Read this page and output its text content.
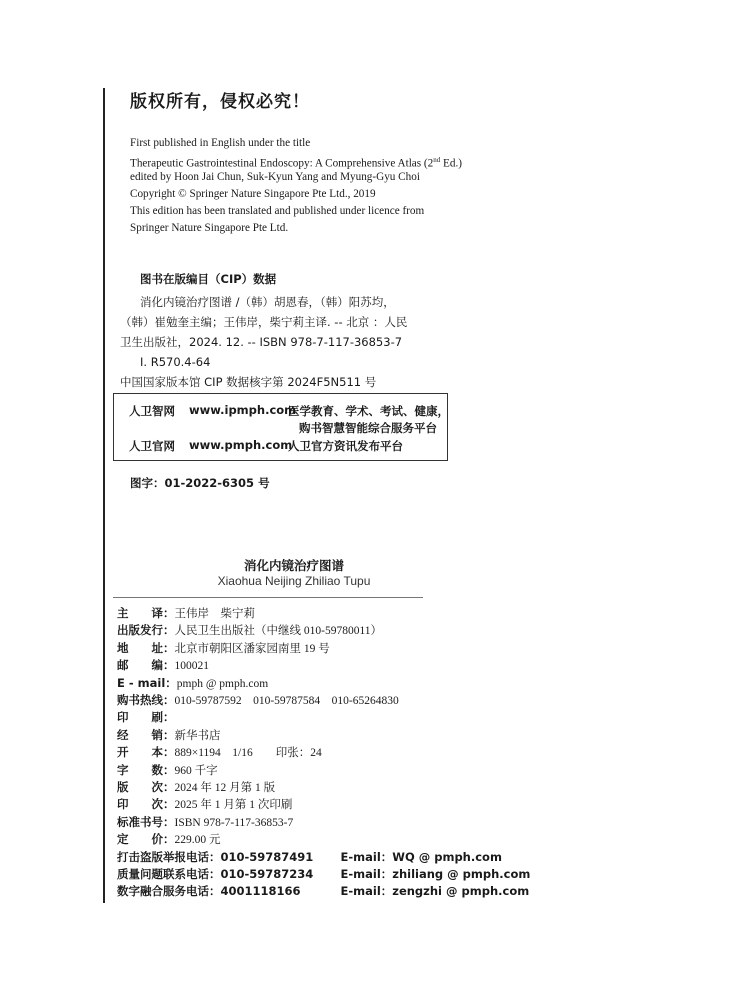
版权所有，侵权必究！
First published in English under the title
Therapeutic Gastrointestinal Endoscopy: A Comprehensive Atlas (2nd Ed.)
edited by Hoon Jai Chun, Suk-Kyun Yang and Myung-Gyu Choi
Copyright © Springer Nature Singapore Pte Ltd., 2019
This edition has been translated and published under licence from
Springer Nature Singapore Pte Ltd.
图书在版编目（CIP）数据
消化内镜治疗图谱 /（韩）胡恩春，（韩）阳苏均，
（韩）崔勉奎主编；王伟岸，柴宁莉主译. -- 北京 ：人民
卫生出版社，2024. 12. -- ISBN 978-7-117-36853-7
Ⅰ. R570.4-64
中国国家版本馆 CIP 数据核字第 2024F5N511 号
人卫智网 www.ipmph.com
医学教育、学术、考试、健康，
购书智慧智能综合服务平台
人卫官网 www.pmph.com
人卫官方资讯发布平台
图字：01-2022-6305 号
消化内镜治疗图谱
Xiaohua Neijing Zhiliao Tupu
主　　译：王伟岸　柴宁莉
出版发行：人民卫生出版社（中继线 010-59780011）
地　　址：北京市朝阳区潘家园南里 19 号
邮　　编：100021
E - mail：pmph @ pmph.com
购书热线：010-59787592　010-59787584　010-65264830
印　　刷：
经　　销：新华书店
开　　本：889×1194　1/16　　印张：24
字　　数：960 千字
版　　次：2024 年 12 月第 1 版
印　　次：2025 年 1 月第 1 次印刷
标准书号：ISBN 978-7-117-36853-7
定　　价：229.00 元
打击盗版举报电话：010-59787491 E-mail：WQ @ pmph.com
质量问题联系电话：010-59787234 E-mail：zhiliang @ pmph.com
数字融合服务电话：4001118166	E-mail：zengzhi @ pmph.com
